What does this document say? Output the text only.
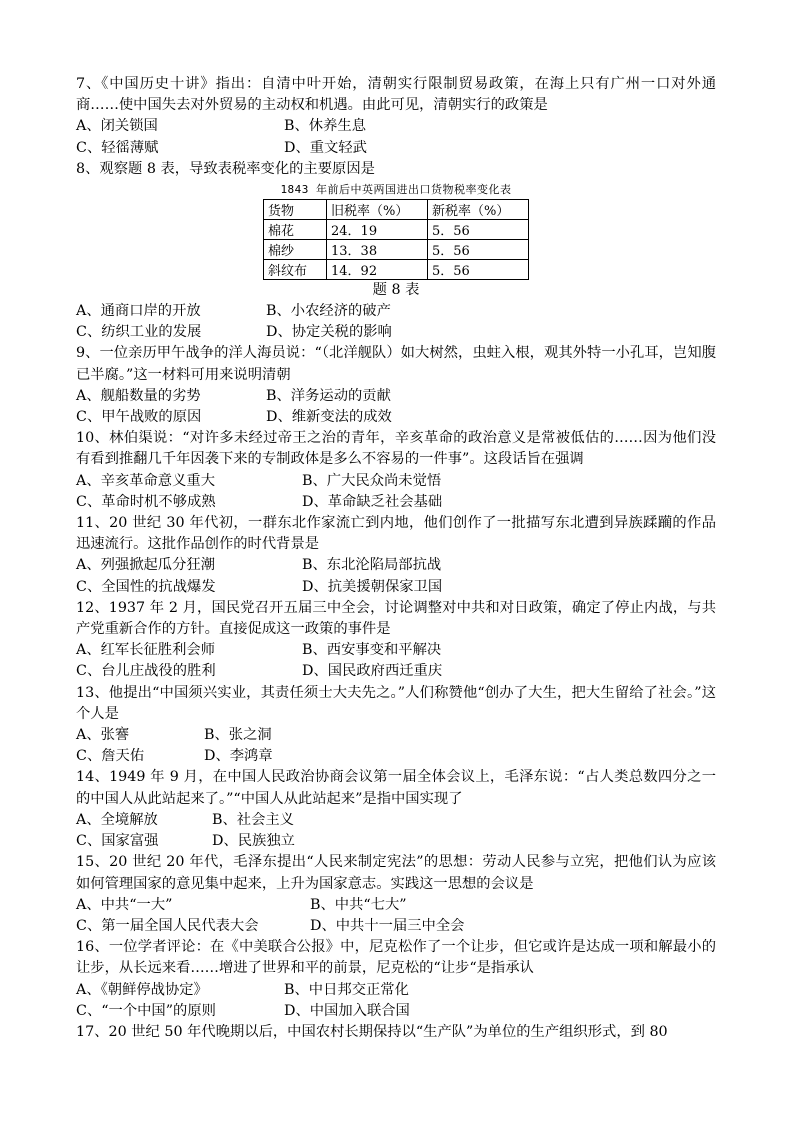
7、《中国历史十讲》指出：自清中叶开始，清朝实行限制贸易政策，在海上只有广州一口对外通商……使中国失去对外贸易的主动权和机遇。由此可见，清朝实行的政策是
A、闭关锁国	B、休养生息
C、轻徭薄赋	D、重文轻武
8、观察题 8 表，导致表税率变化的主要原因是
1843 年前后中英两国进出口货物税率变化表
货物	旧税率（%）	新税率（%）
棉花	24．19	5．56
棉纱	13．38	5．56
斜纹布	14．92	5．56
题 8 表
A、通商口岸的开放	B、小农经济的破产
C、纺织工业的发展	D、协定关税的影响
9、一位亲历甲午战争的洋人海员说：“（北洋舰队）如大树然，虫蛀入根，观其外特一小孔耳，岂知腹已半腐。”这一材料可用来说明清朝
A、舰船数量的劣势	B、洋务运动的贡献
C、甲午战败的原因	D、维新变法的成效
10、林伯渠说：“对许多未经过帝王之治的青年，辛亥革命的政治意义是常被低估的……因为他们没有看到推翻几千年因袭下来的专制政体是多么不容易的一件事”。这段话旨在强调
A、辛亥革命意义重大	B、广大民众尚未觉悟
C、革命时机不够成熟	D、革命缺乏社会基础
11、20 世纪 30 年代初，一群东北作家流亡到内地，他们创作了一批描写东北遭到异族蹂躏的作品迅速流行。这批作品创作的时代背景是
A、列强掀起瓜分狂潮	B、东北沦陷局部抗战
C、全国性的抗战爆发	D、抗美援朝保家卫国
12、1937 年 2 月，国民党召开五届三中全会，讨论调整对中共和对日政策，确定了停止内战，与共产党重新合作的方针。直接促成这一政策的事件是
A、红军长征胜利会师	B、西安事变和平解决
C、台儿庄战役的胜利	D、国民政府西迁重庆
13、他提出“中国须兴实业，其责任须士大夫先之。”人们称赞他“创办了大生，把大生留给了社会。”这个人是
A、张謇	B、张之洞
C、詹天佑	D、李鸿章
14、1949 年 9 月，在中国人民政治协商会议第一届全体会议上，毛泽东说：“占人类总数四分之一的中国人从此站起来了。”“中国人从此站起来”是指中国实现了
A、全境解放	B、社会主义
C、国家富强	D、民族独立
15、20 世纪 20 年代，毛泽东提出“人民来制定宪法”的思想：劳动人民参与立宪，把他们认为应该如何管理国家的意见集中起来，上升为国家意志。实践这一思想的会议是
A、中共“一大”	B、中共“七大”
C、第一届全国人民代表大会	D、中共十一届三中全会
16、一位学者评论：在《中美联合公报》中，尼克松作了一个让步，但它或许是达成一项和解最小的让步，从长远来看……增进了世界和平的前景，尼克松的“让步“是指承认
A、《朝鲜停战协定》	B、中日邦交正常化
C、“一个中国”的原则	D、中国加入联合国
17、20 世纪 50 年代晚期以后，中国农村长期保持以“生产队”为单位的生产组织形式，到 80
